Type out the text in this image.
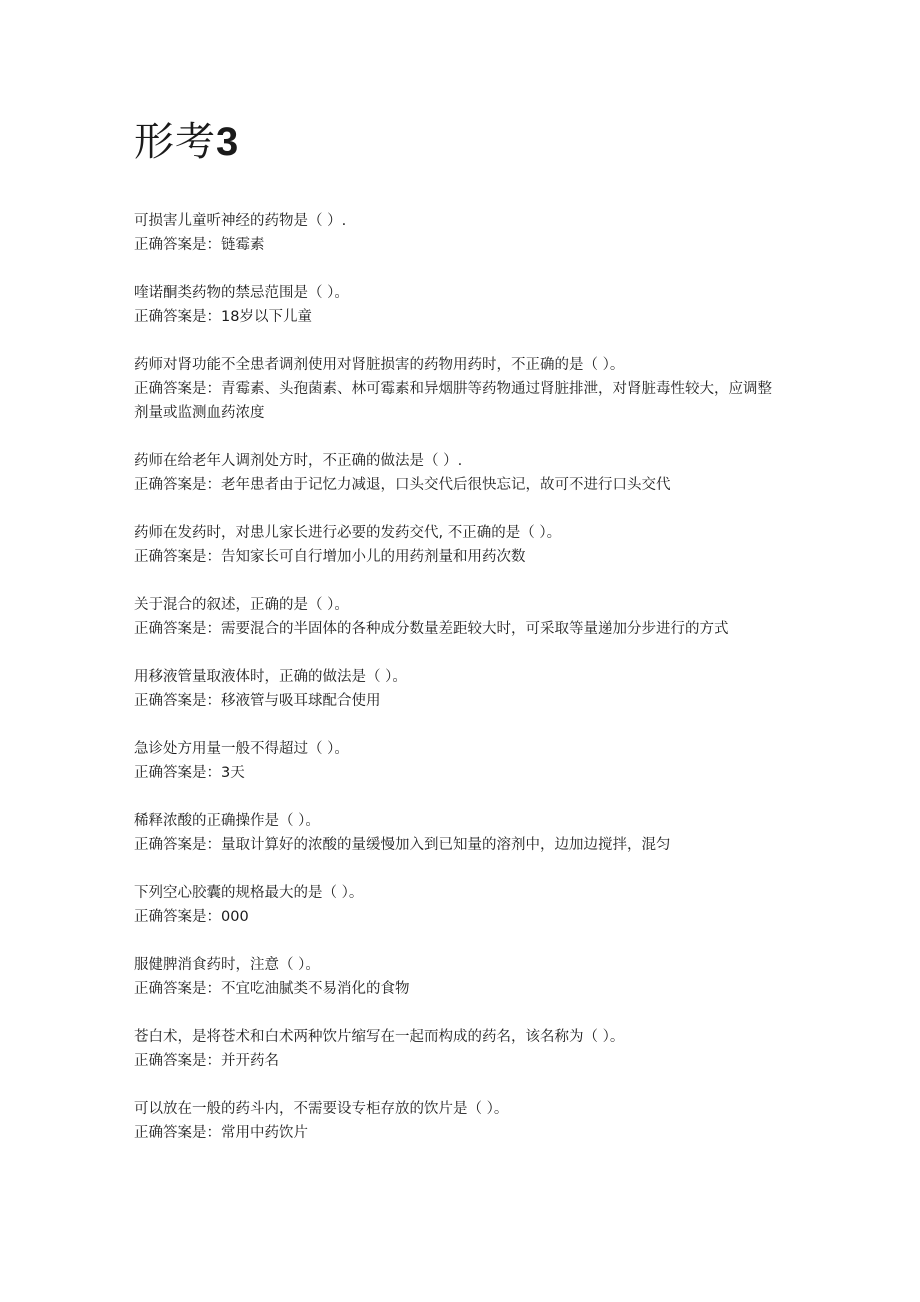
形考3

可损害儿童听神经的药物是（ ）.

正确答案是：链霉素

喹诺酮类药物的禁忌范围是（ ）。

正确答案是：18岁以下儿童

药师对肾功能不全患者调剂使用对肾脏损害的药物用药时，不正确的是（ ）。

正确答案是：青霉素、头孢菌素、林可霉素和异烟肼等药物通过肾脏排泄，对肾脏毒性较大，应调整剂量或监测血药浓度

药师在给老年人调剂处方时，不正确的做法是（ ）.

正确答案是：老年患者由于记忆力减退，口头交代后很快忘记，故可不进行口头交代

药师在发药时，对患儿家长进行必要的发药交代, 不正确的是（ ）。

正确答案是：告知家长可自行增加小儿的用药剂量和用药次数

关于混合的叙述，正确的是（ ）。

正确答案是：需要混合的半固体的各种成分数量差距较大时，可采取等量递加分步进行的方式

用移液管量取液体时，正确的做法是（ ）。

正确答案是：移液管与吸耳球配合使用

急诊处方用量一般不得超过（ ）。

正确答案是：3天

稀释浓酸的正确操作是（ ）。

正确答案是：量取计算好的浓酸的量缓慢加入到已知量的溶剂中，边加边搅拌，混匀

下列空心胶囊的规格最大的是（ ）。

正确答案是：000

服健脾消食药时，注意（ ）。

正确答案是：不宜吃油腻类不易消化的食物

苍白术，是将苍术和白术两种饮片缩写在一起而构成的药名，该名称为（ ）。

正确答案是：并开药名

可以放在一般的药斗内，不需要设专柜存放的饮片是（ ）。

正确答案是：常用中药饮片
